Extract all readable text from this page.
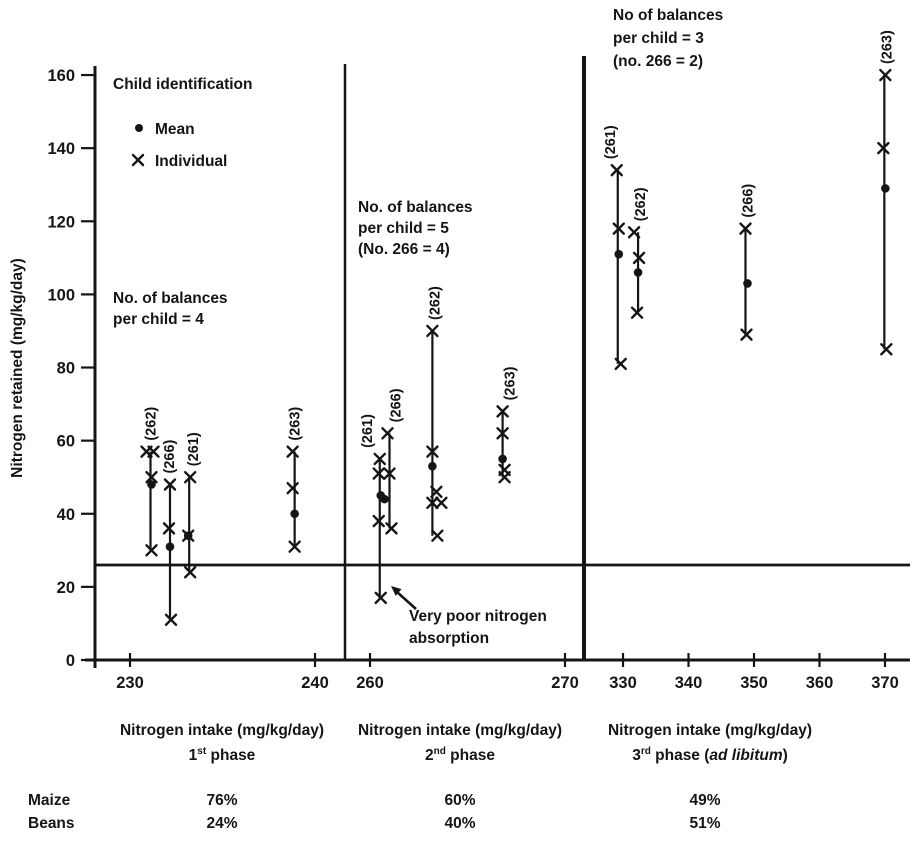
Nitrogen retained (mg/kg/day)
Child identification
Mean
Individual
0
20
40
60
80
100
120
140
160
230	240
No. of balances
per child = 4
(262)
(266) (261)
(263)
260	270
No. of balances
per child = 5
(No. 266 = 4)
(261)
(266)
(262)
(263)
330 340 350 360 370
No of balances
per child = 3
(no. 266 = 2)
(261)
(262)	(266)
(263)
Very poor nitrogen
absorption
Nitrogen intake (mg/kg/day)
1st phase
Nitrogen intake (mg/kg/day)
2nd phase
Nitrogen intake (mg/kg/day)
3rd phase (ad libitum)
Maize	76%	60%	49%
Beans	24%	40%	51%
